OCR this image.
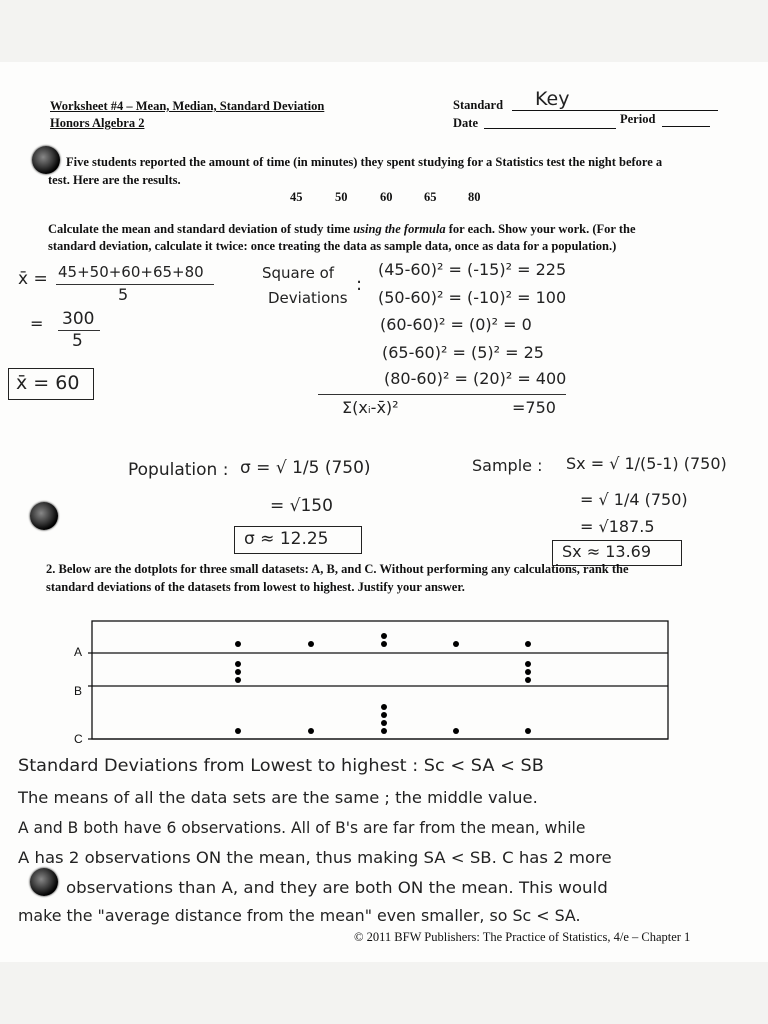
Worksheet #4 – Mean, Median, Standard Deviation
Honors Algebra 2
Standard Key
Date	Period
Five students reported the amount of time (in minutes) they spent studying for a Statistics test the night before a
test. Here are the results.
45	50	60	65	80
Calculate the mean and standard deviation of study time using the formula for each. Show your work. (For the
standard deviation, calculate it twice: once treating the data as sample data, once as data for a population.)
x̄ = 45+50+60+65+80
5
= 300
5
x̄ = 60
Square of
Deviations
:
(45-60)² = (-15)² = 225
(50-60)² = (-10)² = 100
(60-60)² = (0)² = 0
(65-60)² = (5)² = 25
(80-60)² = (20)² = 400
Σ(xᵢ-x̄)²	=750
Population : σ = √ 1/5 (750)
= √150
σ ≈ 12.25
Sample : Sx = √ 1/(5-1) (750)
= √ 1/4 (750)
= √187.5
Sx ≈ 13.69
2. Below are the dotplots for three small datasets: A, B, and C. Without performing any calculations, rank the
standard deviations of the datasets from lowest to highest. Justify your answer.
A
B
C
Standard Deviations from Lowest to highest : Sc < SA < SB
The means of all the data sets are the same ; the middle value.
A and B both have 6 observations. All of B's are far from the mean, while
A has 2 observations ON the mean, thus making SA < SB. C has 2 more
observations than A, and they are both ON the mean. This would
make the "average distance from the mean" even smaller, so Sc < SA.
© 2011 BFW Publishers: The Practice of Statistics, 4/e – Chapter 1
